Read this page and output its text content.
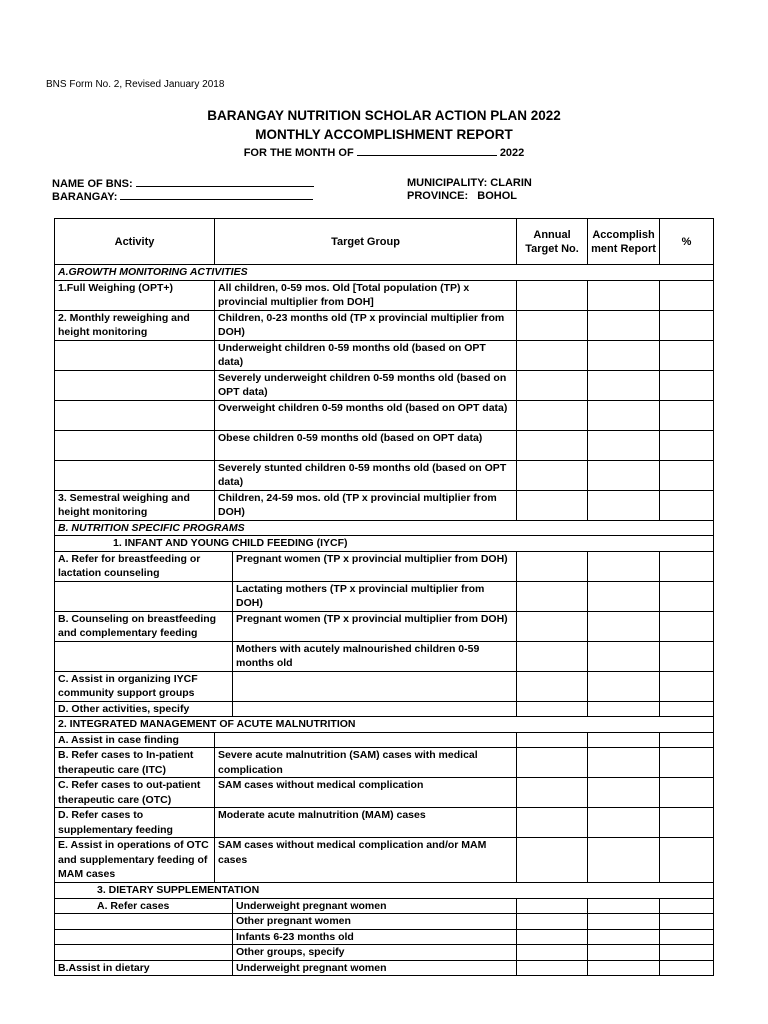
BNS Form No. 2, Revised January 2018
BARANGAY NUTRITION SCHOLAR ACTION PLAN 2022
MONTHLY ACCOMPLISHMENT REPORT
FOR THE MONTH OF	2022
NAME OF BNS:
BARANGAY:
MUNICIPALITY: CLARIN
PROVINCE:   BOHOL
Activity	Target Group		Annual Target No.	Accomplish ment Report	%
A.GROWTH MONITORING ACTIVITIES					
1.Full Weighing (OPT+)	All children, 0-59 mos. Old [Total population (TP) x provincial multiplier from DOH]				
2. Monthly reweighing and height monitoring	Children, 0-23 months old (TP x provincial multiplier from DOH)				
	Underweight children 0-59 months old (based on OPT data)				
	Severely underweight children 0-59 months old (based on OPT data)				
	Overweight children 0-59 months old (based on OPT data)				
	Obese children 0-59 months old (based on OPT data)				
	Severely stunted children 0-59 months old (based on OPT data)				
3. Semestral weighing and height monitoring	Children, 24-59 mos. old (TP x provincial multiplier from DOH)				
B. NUTRITION SPECIFIC PROGRAMS					
1. INFANT AND YOUNG CHILD FEEDING (IYCF)					
A. Refer for breastfeeding or lactation counseling		Pregnant women (TP x provincial multiplier from DOH)			
		Lactating mothers (TP x provincial multiplier from DOH)			
B. Counseling on breastfeeding and complementary feeding		Pregnant women (TP x provincial multiplier from DOH)			
		Mothers with acutely malnourished children 0-59 months old			
C. Assist in organizing IYCF community support groups					
D. Other activities, specify					
2. INTEGRATED MANAGEMENT OF ACUTE MALNUTRITION					
A. Assist in case finding					
B. Refer cases to In-patient therapeutic care (ITC)	Severe acute malnutrition (SAM) cases with medical complication				
C. Refer cases to out-patient therapeutic care (OTC)	SAM cases without medical complication				
D. Refer cases to supplementary feeding	Moderate acute malnutrition (MAM) cases				
E. Assist in operations of OTC and supplementary feeding of MAM cases	SAM cases without medical complication and/or MAM cases				
3. DIETARY SUPPLEMENTATION					
A. Refer cases		Underweight pregnant women			
		Other pregnant women			
		Infants 6-23 months old			
		Other groups, specify			
B.Assist in dietary		Underweight pregnant women			
